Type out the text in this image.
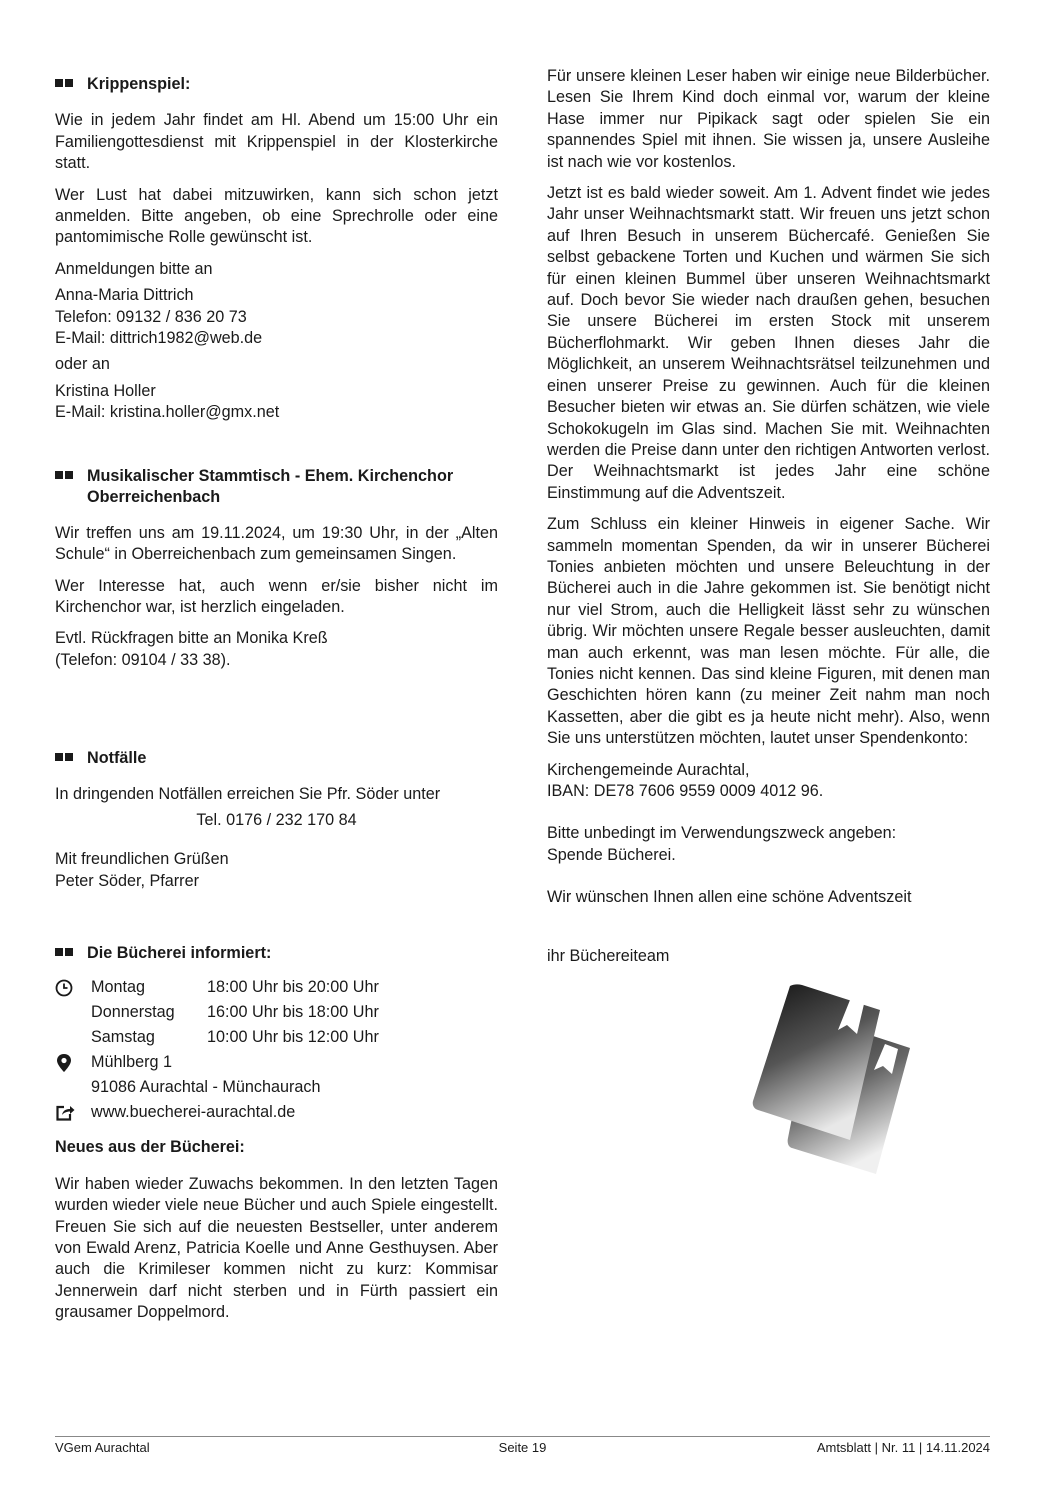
Krippenspiel:

Wie in jedem Jahr findet am Hl. Abend um 15:00 Uhr ein Familiengottesdienst mit Krippenspiel in der Klosterkirche statt.

Wer Lust hat dabei mitzuwirken, kann sich schon jetzt anmelden. Bitte angeben, ob eine Sprechrolle oder eine pantomimische Rolle gewünscht ist.

Anmeldungen bitte an

Anna-Maria Dittrich

Telefon: 09132 / 836 20 73

E-Mail: dittrich1982@web.de

oder an

Kristina Holler

E-Mail: kristina.holler@gmx.net

Musikalischer Stammtisch - Ehem. Kirchenchor
Oberreichenbach

Wir treffen uns am 19.11.2024, um 19:30 Uhr, in der „Alten Schule“ in Oberreichenbach zum gemeinsamen Singen.

Wer Interesse hat, auch wenn er/sie bisher nicht im Kirchenchor war, ist herzlich eingeladen.

Evtl. Rückfragen bitte an Monika Kreß

(Telefon: 09104 / 33 38).

Notfälle

In dringenden Notfällen erreichen Sie Pfr. Söder unter

Tel. 0176 / 232 170 84

Mit freundlichen Grüßen

Peter Söder, Pfarrer

Die Bücherei informiert:
Montag	18:00 Uhr bis 20:00 Uhr
Donnerstag	16:00 Uhr bis 18:00 Uhr
Samstag	10:00 Uhr bis 12:00 Uhr
Mühlberg 1
91086 Aurachtal - Münchaurach
www.buecherei-aurachtal.de
Neues aus der Bücherei:

Wir haben wieder Zuwachs bekommen. In den letzten Tagen wurden wieder viele neue Bücher und auch Spiele eingestellt. Freuen Sie sich auf die neuesten Bestseller, unter anderem von Ewald Arenz, Patricia Koelle und Anne Gesthuysen. Aber auch die Krimileser kommen nicht zu kurz: Kommisar Jennerwein darf nicht sterben und in Fürth passiert ein grausamer Doppelmord.

Für unsere kleinen Leser haben wir einige neue Bilderbücher. Lesen Sie Ihrem Kind doch einmal vor, warum der kleine Hase immer nur Pipikack sagt oder spielen Sie ein spannendes Spiel mit ihnen. Sie wissen ja, unsere Ausleihe ist nach wie vor kostenlos.

Jetzt ist es bald wieder soweit. Am 1. Advent findet wie jedes Jahr unser Weihnachtsmarkt statt. Wir freuen uns jetzt schon auf Ihren Besuch in unserem Büchercafé. Genießen Sie selbst gebackene Torten und Kuchen und wärmen Sie sich für einen kleinen Bummel über unseren Weihnachtsmarkt auf. Doch bevor Sie wieder nach draußen gehen, besuchen Sie unsere Bücherei im ersten Stock mit unserem Bücherflohmarkt. Wir geben Ihnen dieses Jahr die Möglichkeit, an unserem Weihnachtsrätsel teilzunehmen und einen unserer Preise zu gewinnen. Auch für die kleinen Besucher bieten wir etwas an. Sie dürfen schätzen, wie viele Schokokugeln im Glas sind. Machen Sie mit. Weihnachten werden die Preise dann unter den richtigen Antworten verlost. Der Weihnachtsmarkt ist jedes Jahr eine schöne Einstimmung auf die Adventszeit.

Zum Schluss ein kleiner Hinweis in eigener Sache. Wir sammeln momentan Spenden, da wir in unserer Bücherei Tonies anbieten möchten und unsere Beleuchtung in der Bücherei auch in die Jahre gekommen ist. Sie benötigt nicht nur viel Strom, auch die Helligkeit lässt sehr zu wünschen übrig. Wir möchten unsere Regale besser ausleuchten, damit man auch erkennt, was man lesen möchte. Für alle, die Tonies nicht kennen. Das sind kleine Figuren, mit denen man Geschichten hören kann (zu meiner Zeit nahm man noch Kassetten, aber die gibt es ja heute nicht mehr). Also, wenn Sie uns unterstützen möchten, lautet unser Spendenkonto:

Kirchengemeinde Aurachtal,

IBAN: DE78 7606 9559 0009 4012 96.

Bitte unbedingt im Verwendungszweck angeben:

Spende Bücherei.

Wir wünschen Ihnen allen eine schöne Adventszeit

ihr Büchereiteam

VGem Aurachtal	Seite 19	Amtsblatt | Nr. 11 | 14.11.2024
